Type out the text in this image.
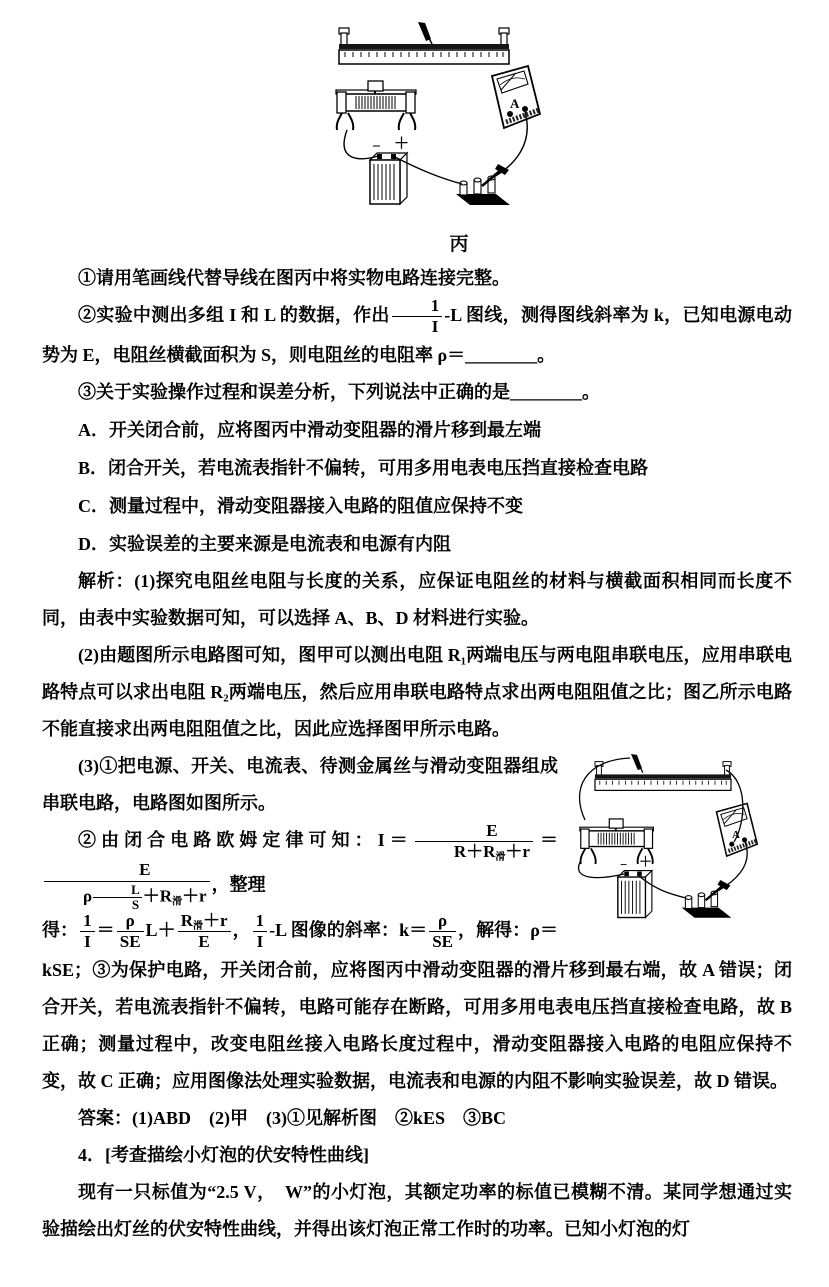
A
− ＋
丙

①请用笔画线代替导线在图丙中将实物电路连接完整。

②实验中测出多组 I 和 L 的数据，作出 $\frac{1}{I} -L$ 图线，测得图线斜率为 k，已知电源电动势为 E，电阻丝横截面积为 S，则电阻丝的电阻率 ρ＝________。

③关于实验操作过程和误差分析，下列说法中正确的是________。

A．开关闭合前，应将图丙中滑动变阻器的滑片移到最左端

B．闭合开关，若电流表指针不偏转，可用多用电表电压挡直接检查电路

C．测量过程中，滑动变阻器接入电路的阻值应保持不变

D．实验误差的主要来源是电流表和电源有内阻

解析：(1)探究电阻丝电阻与长度的关系，应保证电阻丝的材料与横截面积相同而长度不同，由表中实验数据可知，可以选择 A、B、D 材料进行实验。

(2)由题图所示电路图可知，图甲可以测出电阻 R₁两端电压与两电阻串联电压，应用串联电路特点可以求出电阻 R₂两端电压，然后应用串联电路特点求出两电阻阻值之比；图乙所示电路不能直接求出两电阻阻值之比，因此应选择图甲所示电路。

A
− ＋

(3)①把电源、开关、电流表、待测金属丝与滑动变阻器组成串联电路，电路图如图所示。

②由闭合电路欧姆定律可知：$I= \frac{E}{R+R_滑+r}$ ＝
$\frac{E}{\rho \frac{L}{S} +R_滑+r}$ ，整理

得： $\frac{1}{I} = \frac{\rho}{SE} L+ \frac{R_滑+r}{E}$ ， $\frac{1}{I} -L$ 图像的斜率：$k= \frac{\rho}{SE}$ ，解得：ρ＝kSE；③为保护电路，开关闭合前，应将图丙中滑动变阻器的滑片移到最右端，故 A 错误；闭合开关，若电流表指针不偏转，电路可能存在断路，可用多用电表电压挡直接检查电路，故 B 正确；测量过程中，改变电阻丝接入电路长度过程中，滑动变阻器接入电路的电阻应保持不变，故 C 正确；应用图像法处理实验数据，电流表和电源的内阻不影响实验误差，故 D 错误。

答案：(1)ABD　(2)甲　(3)①见解析图　②kES　③BC

4．[考查描绘小灯泡的伏安特性曲线]

现有一只标值为“2.5 V，　W”的小灯泡，其额定功率的标值已模糊不清。某同学想通过实验描绘出灯丝的伏安特性曲线，并得出该灯泡正常工作时的功率。已知小灯泡的灯
